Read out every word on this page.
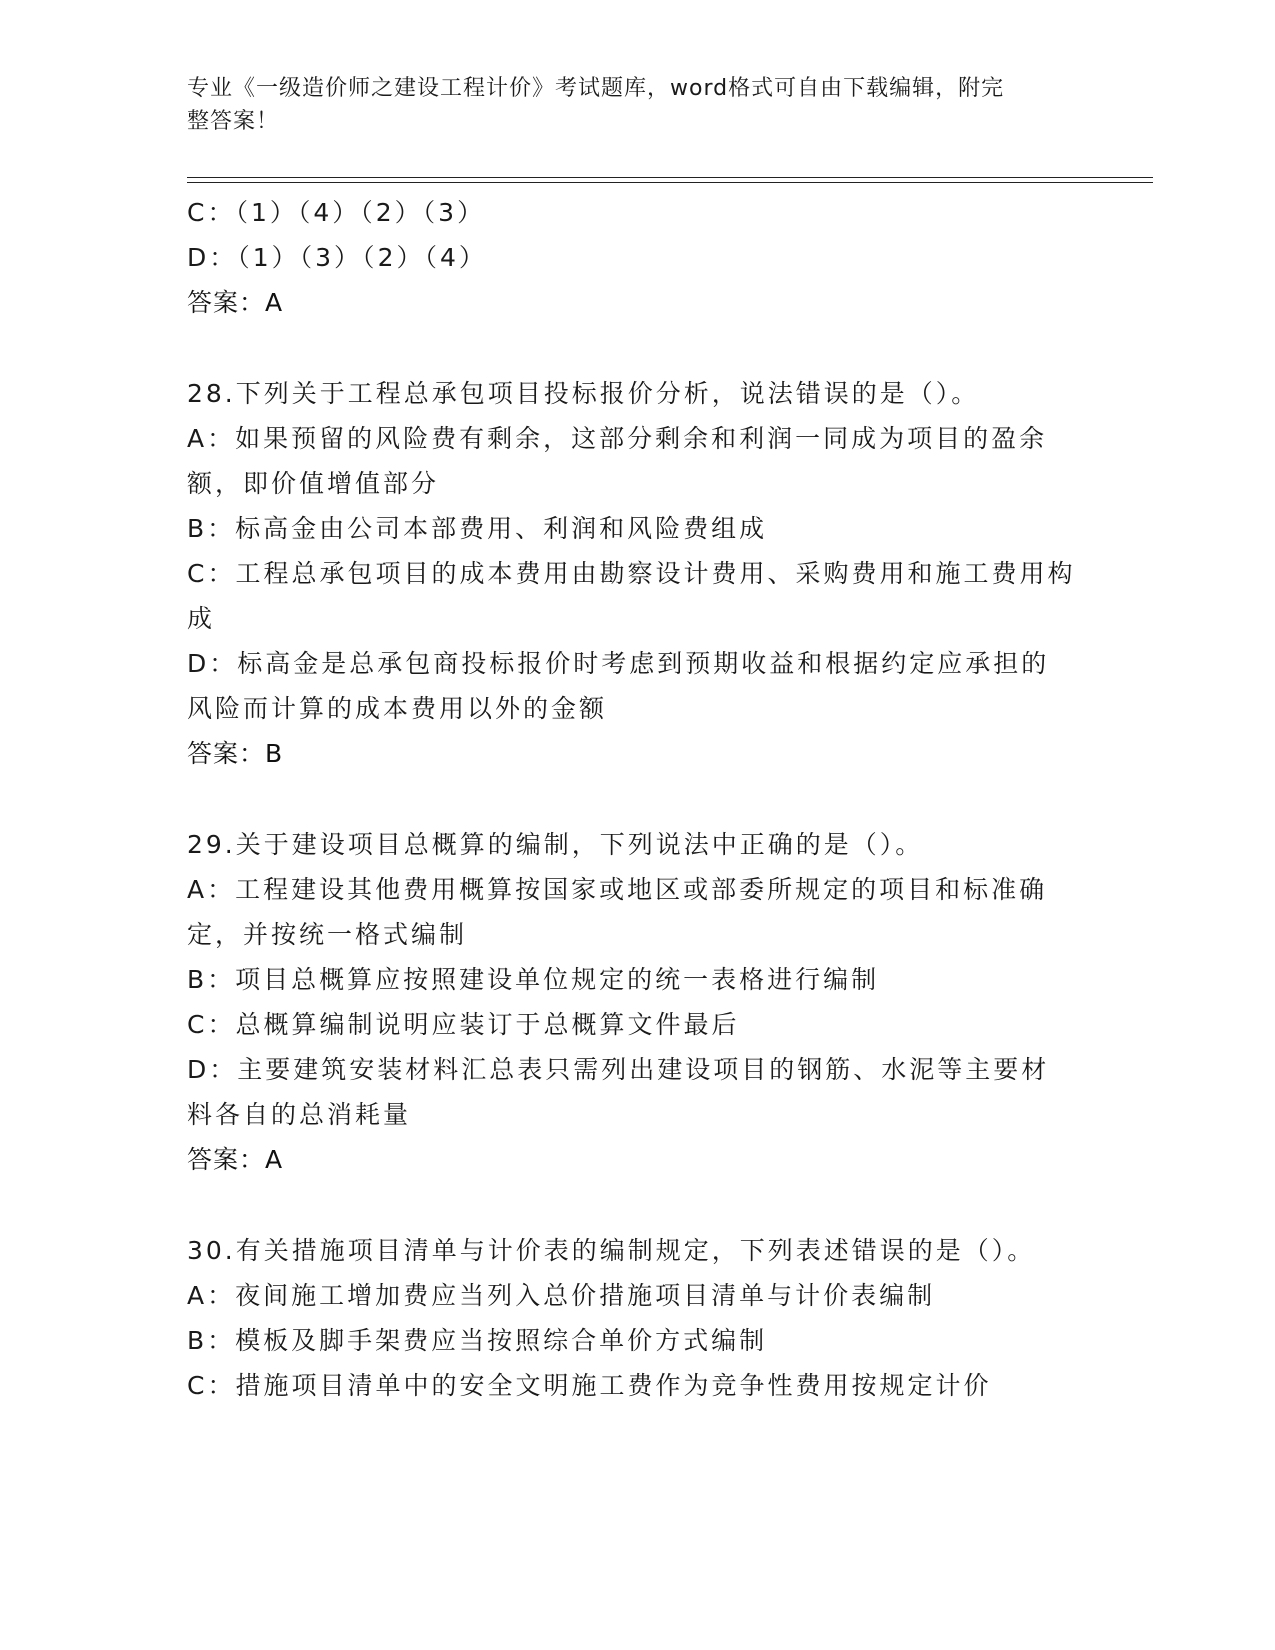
专业《一级造价师之建设工程计价》考试题库，word格式可自由下载编辑，附完
整答案！
C：（1）（4）（2）（3）
D：（1）（3）（2）（4）
答案：A
28.下列关于工程总承包项目投标报价分析，说法错误的是（）。
A：如果预留的风险费有剩余，这部分剩余和利润一同成为项目的盈余额，即价值增值部分
B：标高金由公司本部费用、利润和风险费组成
C：工程总承包项目的成本费用由勘察设计费用、采购费用和施工费用构成
D：标高金是总承包商投标报价时考虑到预期收益和根据约定应承担的风险而计算的成本费用以外的金额
答案：B
29.关于建设项目总概算的编制，下列说法中正确的是（）。
A：工程建设其他费用概算按国家或地区或部委所规定的项目和标准确定，并按统一格式编制
B：项目总概算应按照建设单位规定的统一表格进行编制
C：总概算编制说明应装订于总概算文件最后
D：主要建筑安装材料汇总表只需列出建设项目的钢筋、水泥等主要材料各自的总消耗量
答案：A
30.有关措施项目清单与计价表的编制规定，下列表述错误的是（）。
A：夜间施工增加费应当列入总价措施项目清单与计价表编制
B：模板及脚手架费应当按照综合单价方式编制
C：措施项目清单中的安全文明施工费作为竞争性费用按规定计价
